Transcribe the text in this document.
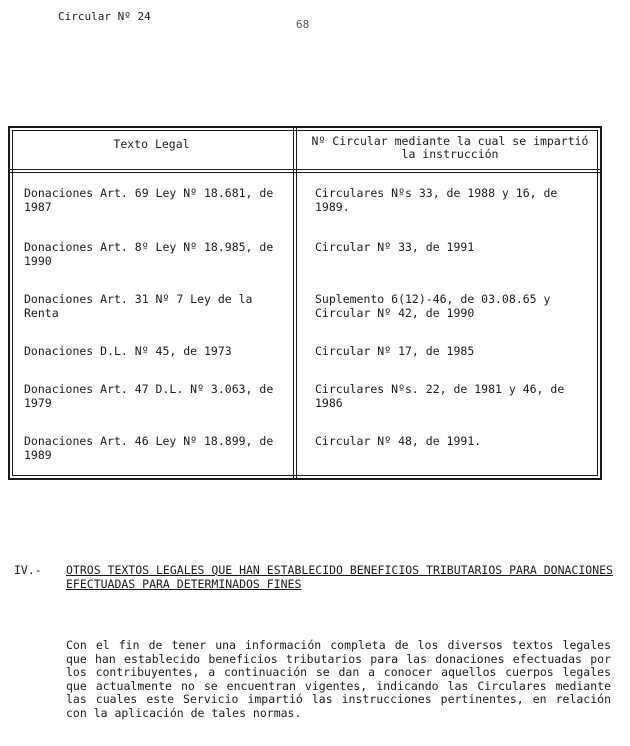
Circular Nº 24
68
Texto Legal	Nº Circular mediante la cual se impartió la instrucción
Donaciones Art. 69 Ley Nº 18.681, de 1987
Circulares Nºs 33, de 1988 y 16, de 1989.
Donaciones Art. 8º Ley Nº 18.985, de 1990
Circular Nº 33, de 1991
Donaciones Art. 31 Nº 7 Ley de la Renta
Suplemento 6(12)-46, de 03.08.65 y Circular Nº 42, de 1990
Donaciones D.L. Nº 45, de 1973	Circular Nº 17, de 1985
Donaciones Art. 47 D.L. Nº 3.063, de 1979
Circulares Nºs. 22, de 1981 y 46, de 1986
Donaciones Art. 46 Ley Nº 18.899, de 1989
Circular Nº 48, de 1991.
IV.- OTROS TEXTOS LEGALES QUE HAN ESTABLECIDO BENEFICIOS TRIBUTARIOS PARA DONACIONES EFECTUADAS PARA DETERMINADOS FINES
Con el fin de tener una información completa de los diversos textos legales que han establecido beneficios tributarios para las donaciones efectuadas por los contribuyentes, a continuación se dan a conocer aquellos cuerpos legales que actualmente no se encuentran vigentes, indicando las Circulares mediante las cuales este Servicio impartió las instrucciones pertinentes, en relación con la aplicación de tales normas.
